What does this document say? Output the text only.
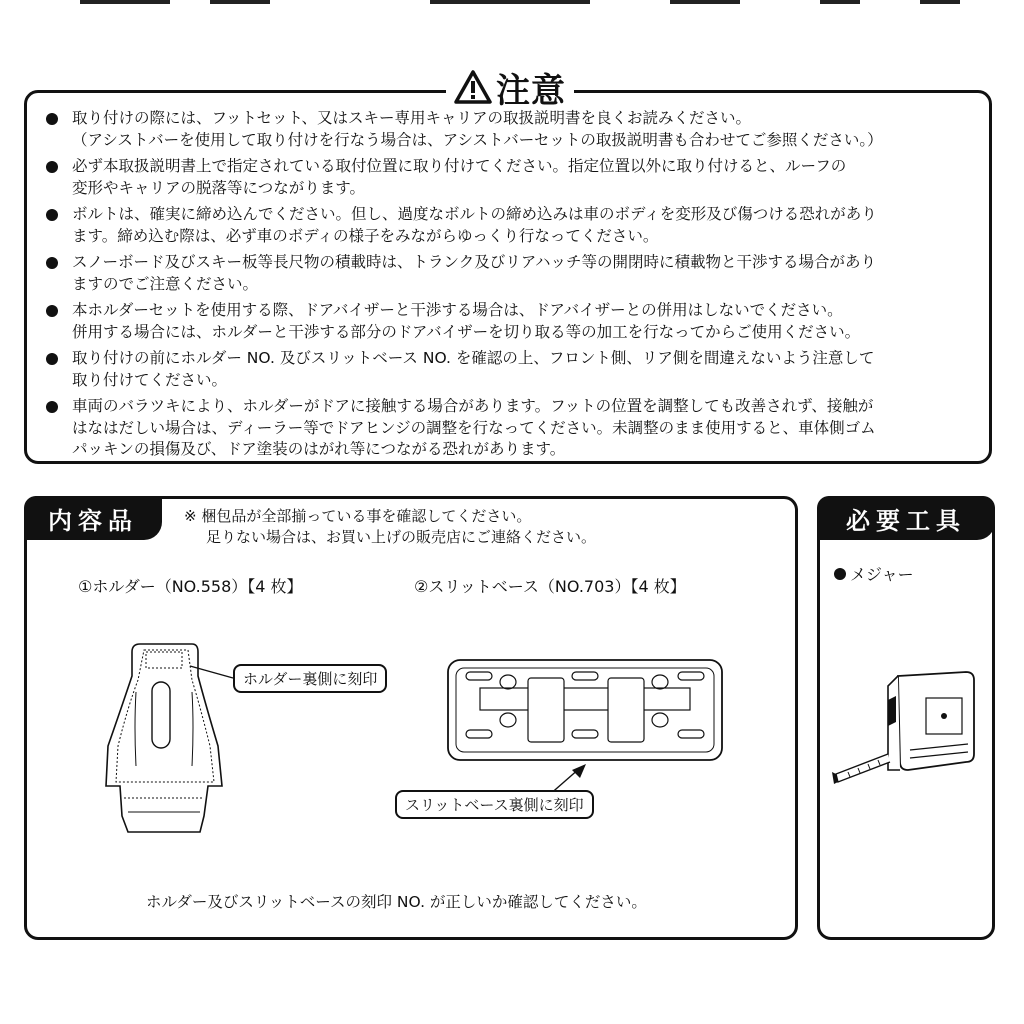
注意
取り付けの際には、フットセット、又はスキー専用キャリアの取扱説明書を良くお読みください。
（アシストバーを使用して取り付けを行なう場合は、アシストバーセットの取扱説明書も合わせてご参照ください。）
必ず本取扱説明書上で指定されている取付位置に取り付けてください。指定位置以外に取り付けると、ルーフの
変形やキャリアの脱落等につながります。
ボルトは、確実に締め込んでください。但し、過度なボルトの締め込みは車のボディを変形及び傷つける恐れがあり
ます。締め込む際は、必ず車のボディの様子をみながらゆっくり行なってください。
スノーボード及びスキー板等長尺物の積載時は、トランク及びリアハッチ等の開閉時に積載物と干渉する場合があり
ますのでご注意ください。
本ホルダーセットを使用する際、ドアバイザーと干渉する場合は、ドアバイザーとの併用はしないでください。
併用する場合には、ホルダーと干渉する部分のドアバイザーを切り取る等の加工を行なってからご使用ください。
取り付けの前にホルダー NO. 及びスリットベース NO. を確認の上、フロント側、リア側を間違えないよう注意して
取り付けてください。
車両のバラツキにより、ホルダーがドアに接触する場合があります。フットの位置を調整しても改善されず、接触が
はなはだしい場合は、ディーラー等でドアヒンジの調整を行なってください。未調整のまま使用すると、車体側ゴム
パッキンの損傷及び、ドア塗装のはがれ等につながる恐れがあります。
内容品	※ 梱包品が全部揃っている事を確認してください。
足りない場合は、お買い上げの販売店にご連絡ください。
①ホルダー（NO.558）【4 枚】	②スリットベース（NO.703）【4 枚】
ホルダー裏側に刻印
スリットベース裏側に刻印
ホルダー及びスリットベースの刻印 NO. が正しいか確認してください。
必要工具
メジャー
